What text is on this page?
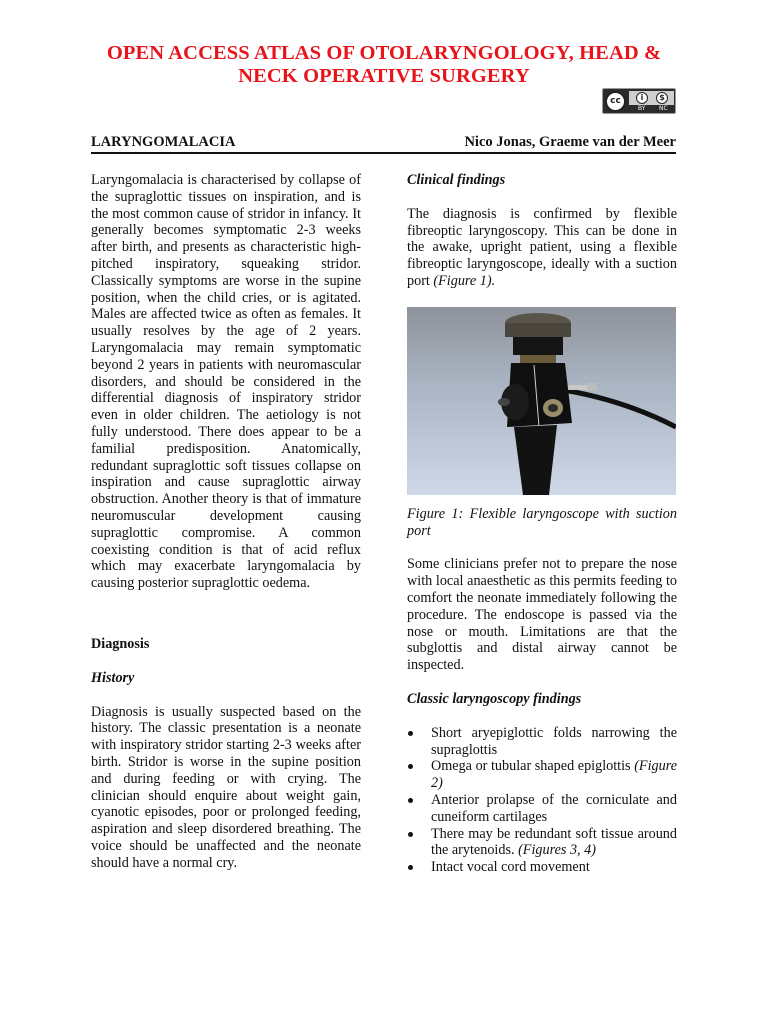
OPEN ACCESS ATLAS OF OTOLARYNGOLOGY, HEAD &
NECK OPERATIVE SURGERY
cc	i	$
BY NC
LARYNGOMALACIA	Nico Jonas, Graeme van der Meer

Laryngomalacia is characterised by collapse of the supraglottic tissues on inspiration, and is the most common cause of stridor in infancy. It generally becomes symptomatic 2-3 weeks after birth, and presents as characteristic high-pitched inspiratory, squeaking stridor. Classically symptoms are worse in the supine position, when the child cries, or is agitated. Males are affected twice as often as females. It usually resolves by the age of 2 years. Laryngomalacia may remain symptomatic beyond 2 years in patients with neuromascular disorders, and should be considered in the differential diagnosis of inspiratory stridor even in older children. The aetiology is not fully understood. There does appear to be a familial predisposition. Anatomically, redundant supraglottic soft tissues collapse on inspiration and cause supraglottic airway obstruction. Another theory is that of immature neuromuscular development causing supraglottic compromise. A common coexisting condition is that of acid reflux which may exacerbate laryngomalacia by causing posterior supraglottic oedema.

Diagnosis

History

Diagnosis is usually suspected based on the history. The classic presentation is a neonate with inspiratory stridor starting 2-3 weeks after birth. Stridor is worse in the supine position and during feeding or with crying. The clinician should enquire about weight gain, cyanotic episodes, poor or prolonged feeding, aspiration and sleep disordered breathing. The voice should be unaffected and the neonate should have a normal cry.

Clinical findings

The diagnosis is confirmed by flexible fibreoptic laryngoscopy. This can be done in the awake, upright patient, using a flexible fibreoptic laryngoscope, ideally with a suction port (Figure 1).

Figure 1: Flexible laryngoscope with suction port

Some clinicians prefer not to prepare the nose with local anaesthetic as this permits feeding to comfort the neonate immediately following the procedure. The endoscope is passed via the nose or mouth. Limitations are that the subglottis and distal airway cannot be inspected.

Classic laryngoscopy findings

Short aryepiglottic folds narrowing the supraglottis
Omega or tubular shaped epiglottis (Figure 2)
Anterior prolapse of the corniculate and cuneiform cartilages
There may be redundant soft tissue around the arytenoids. (Figures 3, 4)
Intact vocal cord movement
